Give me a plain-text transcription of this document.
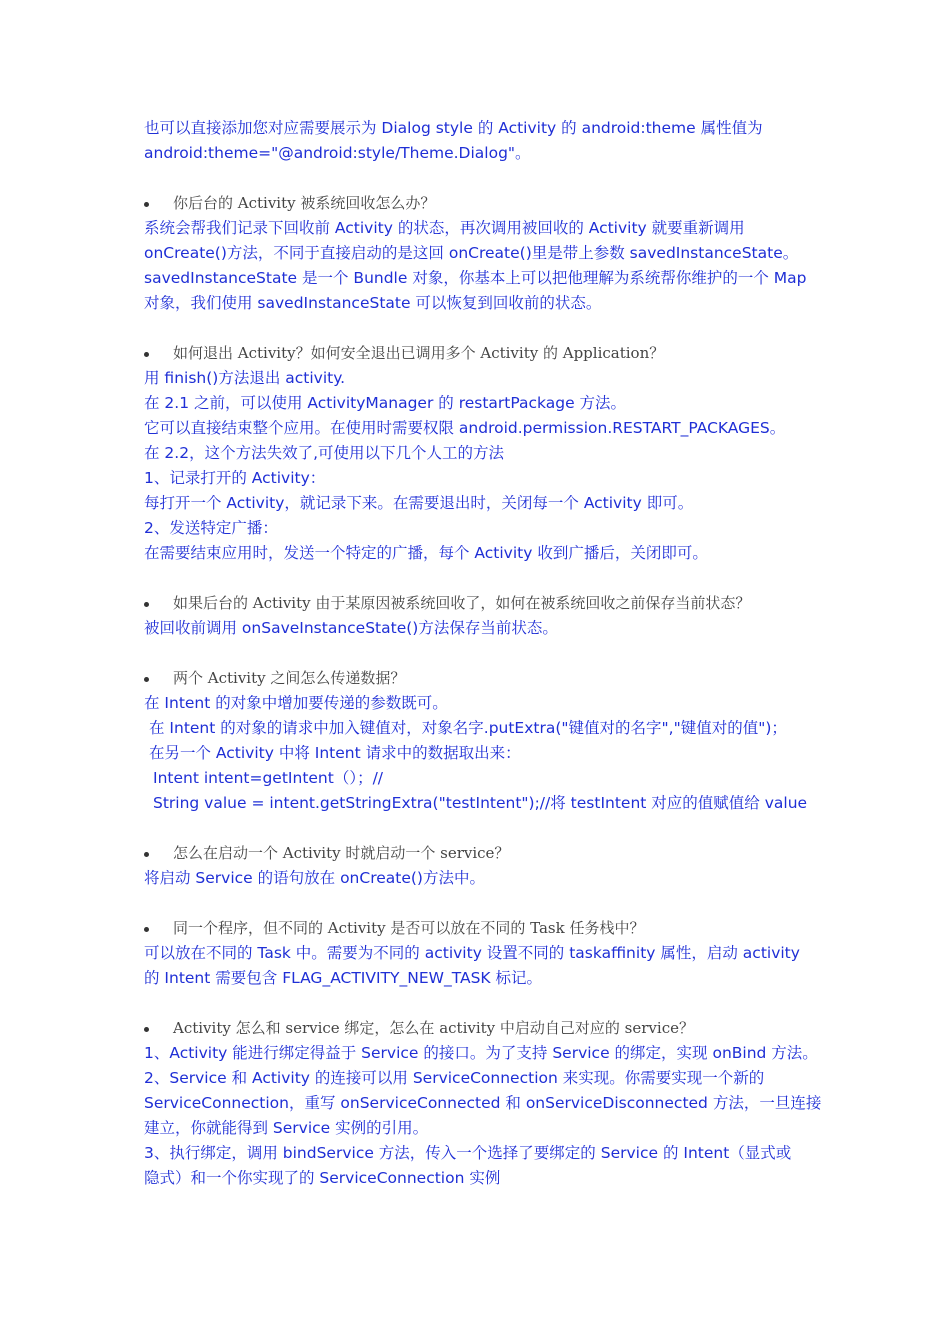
也可以直接添加您对应需要展示为 Dialog style 的 Activity 的 android:theme 属性值为
android:theme="@android:style/Theme.Dialog"。
你后台的 Activity 被系统回收怎么办？
系统会帮我们记录下回收前 Activity 的状态，再次调用被回收的 Activity 就要重新调用
onCreate()方法，不同于直接启动的是这回 onCreate()里是带上参数 savedInstanceState。
savedInstanceState 是一个 Bundle 对象，你基本上可以把他理解为系统帮你维护的一个 Map
对象，我们使用 savedInstanceState 可以恢复到回收前的状态。
如何退出 Activity？如何安全退出已调用多个 Activity 的 Application？
用 finish()方法退出 activity.
在 2.1 之前，可以使用 ActivityManager 的 restartPackage 方法。
它可以直接结束整个应用。在使用时需要权限 android.permission.RESTART_PACKAGES。
在 2.2，这个方法失效了,可使用以下几个人工的方法
1、记录打开的 Activity：
每打开一个 Activity，就记录下来。在需要退出时，关闭每一个 Activity 即可。
2、发送特定广播：
在需要结束应用时，发送一个特定的广播，每个 Activity 收到广播后，关闭即可。
如果后台的 Activity 由于某原因被系统回收了，如何在被系统回收之前保存当前状态？
被回收前调用 onSaveInstanceState()方法保存当前状态。
两个 Activity 之间怎么传递数据？
在 Intent 的对象中增加要传递的参数既可。
在 Intent 的对象的请求中加入键值对，对象名字.putExtra("键值对的名字","键值对的值")；
在另一个 Activity 中将 Intent 请求中的数据取出来：
Intent intent=getIntent（）；//
String value = intent.getStringExtra("testIntent");//将 testIntent 对应的值赋值给 value
怎么在启动一个 Activity 时就启动一个 service？
将启动 Service 的语句放在 onCreate()方法中。
同一个程序，但不同的 Activity 是否可以放在不同的 Task 任务栈中？
可以放在不同的 Task 中。需要为不同的 activity 设置不同的 taskaffinity 属性，启动 activity
的 Intent 需要包含 FLAG_ACTIVITY_NEW_TASK 标记。
Activity 怎么和 service 绑定，怎么在 activity 中启动自己对应的 service？
1、Activity 能进行绑定得益于 Service 的接口。为了支持 Service 的绑定，实现 onBind 方法。
2、Service 和 Activity 的连接可以用 ServiceConnection 来实现。你需要实现一个新的
ServiceConnection，重写 onServiceConnected 和 onServiceDisconnected 方法，一旦连接
建立，你就能得到 Service 实例的引用。
3、执行绑定，调用 bindService 方法，传入一个选择了要绑定的 Service 的 Intent（显式或
隐式）和一个你实现了的 ServiceConnection 实例
